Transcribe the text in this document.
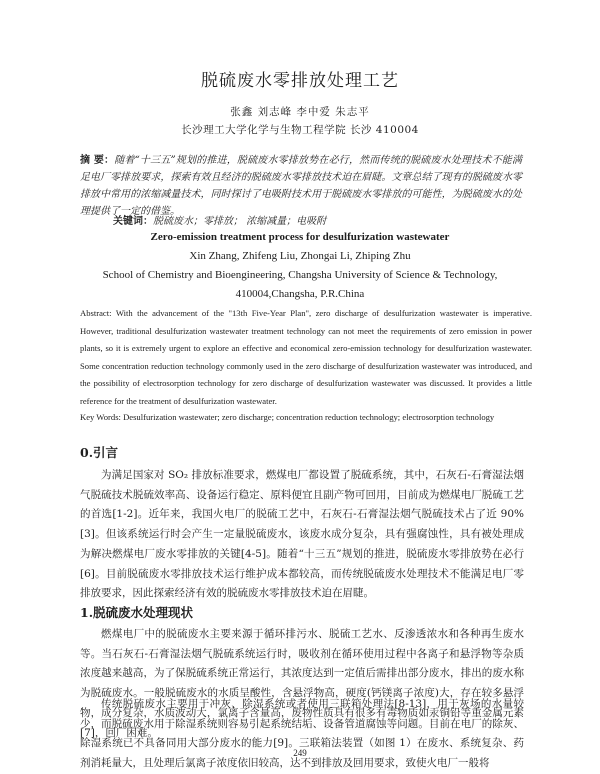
脱硫废水零排放处理工艺
张鑫 刘志峰 李中爱 朱志平
长沙理工大学化学与生物工程学院 长沙 410004
摘 要：随着“十三五”规划的推进，脱硫废水零排放势在必行，然而传统的脱硫废水处理技术不能满足电厂零排放要求，探索有效且经济的脱硫废水零排放技术迫在眉睫。文章总结了现有的脱硫废水零排放中常用的浓缩减量技术，同时探讨了电吸附技术用于脱硫废水零排放的可能性，为脱硫废水的处理提供了一定的借鉴。
关键词：脱硫废水；零排放； 浓缩减量；电吸附
Zero-emission treatment process for desulfurization wastewater
Xin Zhang, Zhifeng Liu, Zhongai Li, Zhiping Zhu
School of Chemistry and Bioengineering, Changsha University of Science & Technology,
410004,Changsha, P.R.China
Abstract: With the advancement of the "13th Five-Year Plan", zero discharge of desulfurization wastewater is imperative. However, traditional desulfurization wastewater treatment technology can not meet the requirements of zero emission in power plants, so it is extremely urgent to explore an effective and economical zero-emission technology for desulfurization wastewater. Some concentration reduction technology commonly used in the zero discharge of desulfurization wastewater was introduced, and the possibility of electrosorption technology for zero discharge of desulfurization wastewater was discussed. It provides a little reference for the treatment of desulfurization wastewater.
Key Words: Desulfurization wastewater; zero discharge; concentration reduction technology; electrosorption technology
0.引言
为满足国家对 SO₂ 排放标准要求，燃煤电厂都设置了脱硫系统，其中，石灰石-石膏湿法烟气脱硫技术脱硫效率高、设备运行稳定、原料便宜且副产物可回用，目前成为燃煤电厂脱硫工艺的首选[1-2]。近年来，我国火电厂的脱硫工艺中，石灰石-石膏湿法烟气脱硫技术占了近 90%[3]。但该系统运行时会产生一定量脱硫废水，该废水成分复杂，具有强腐蚀性，具有被处理成为解决燃煤电厂废水零排放的关键[4-5]。随着“十三五”规划的推进，脱硫废水零排放势在必行[6]。目前脱硫废水零排放技术运行维护成本都较高，而传统脱硫废水处理技术不能满足电厂零排放要求，因此探索经济有效的脱硫废水零排放技术迫在眉睫。
1.脱硫废水处理现状
燃煤电厂中的脱硫废水主要来源于循环排污水、脱硫工艺水、反渗透浓水和各种再生废水等。当石灰石-石膏湿法烟气脱硫系统运行时，吸收剂在循环使用过程中各离子和悬浮物等杂质浓度越来越高，为了保脱硫系统正常运行，其浓度达到一定值后需排出部分废水，排出的废水称为脱硫废水。一般脱硫废水的水质呈酸性，含悬浮物高，硬度(钙镁离子浓度)大，存在较多悬浮物，成分复杂，水质波动大，氯离子含量高，废物性质具有很多有毒物质如汞铜铅等重金属元素[7]，回厂困难。
传统脱硫废水主要用于冲灰、除湿系统或者使用三联箱处理法[8-13]，用于灰场的水量较少，而脱硫废水用于除湿系统则容易引起系统结垢、设备管道腐蚀等问题。目前在电厂的除灰、除湿系统已不具备同用大部分废水的能力[9]。三联箱法装置（如图 1）在废水、系统复杂、药剂消耗量大，且处理后氯离子浓度依旧较高，达不到排放及回用要求，致使火电厂一般将
249
